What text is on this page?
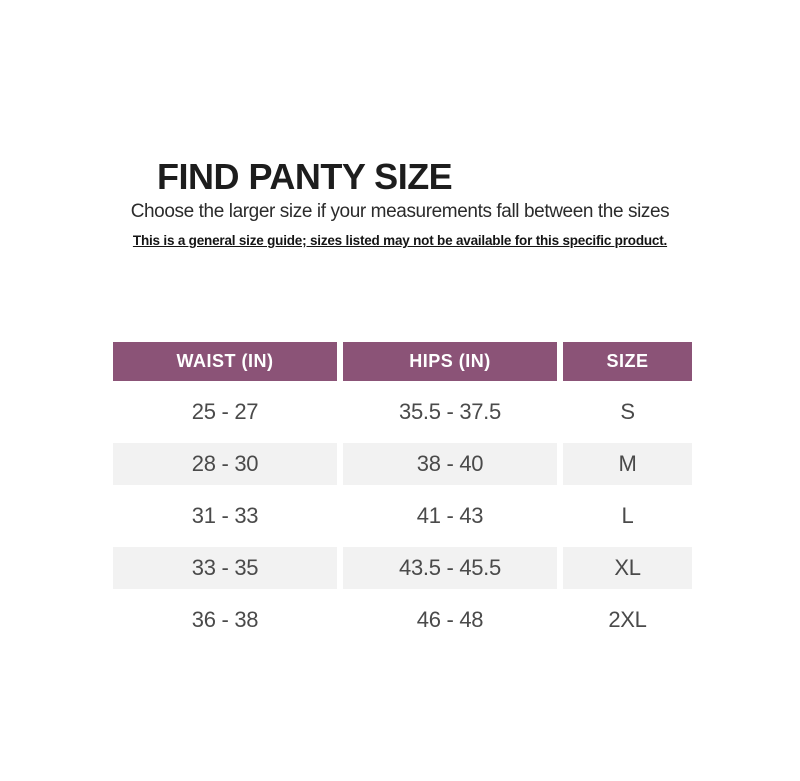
FIND PANTY SIZE

Choose the larger size if your measurements fall between the sizes

This is a general size guide; sizes listed may not be available for this specific product.

WAIST (IN)	HIPS (IN)	SIZE
25 - 27	35.5 - 37.5	S
28 - 30	38 - 40	M
31 - 33	41 - 43	L
33 - 35	43.5 - 45.5	XL
36 - 38	46 - 48	2XL
